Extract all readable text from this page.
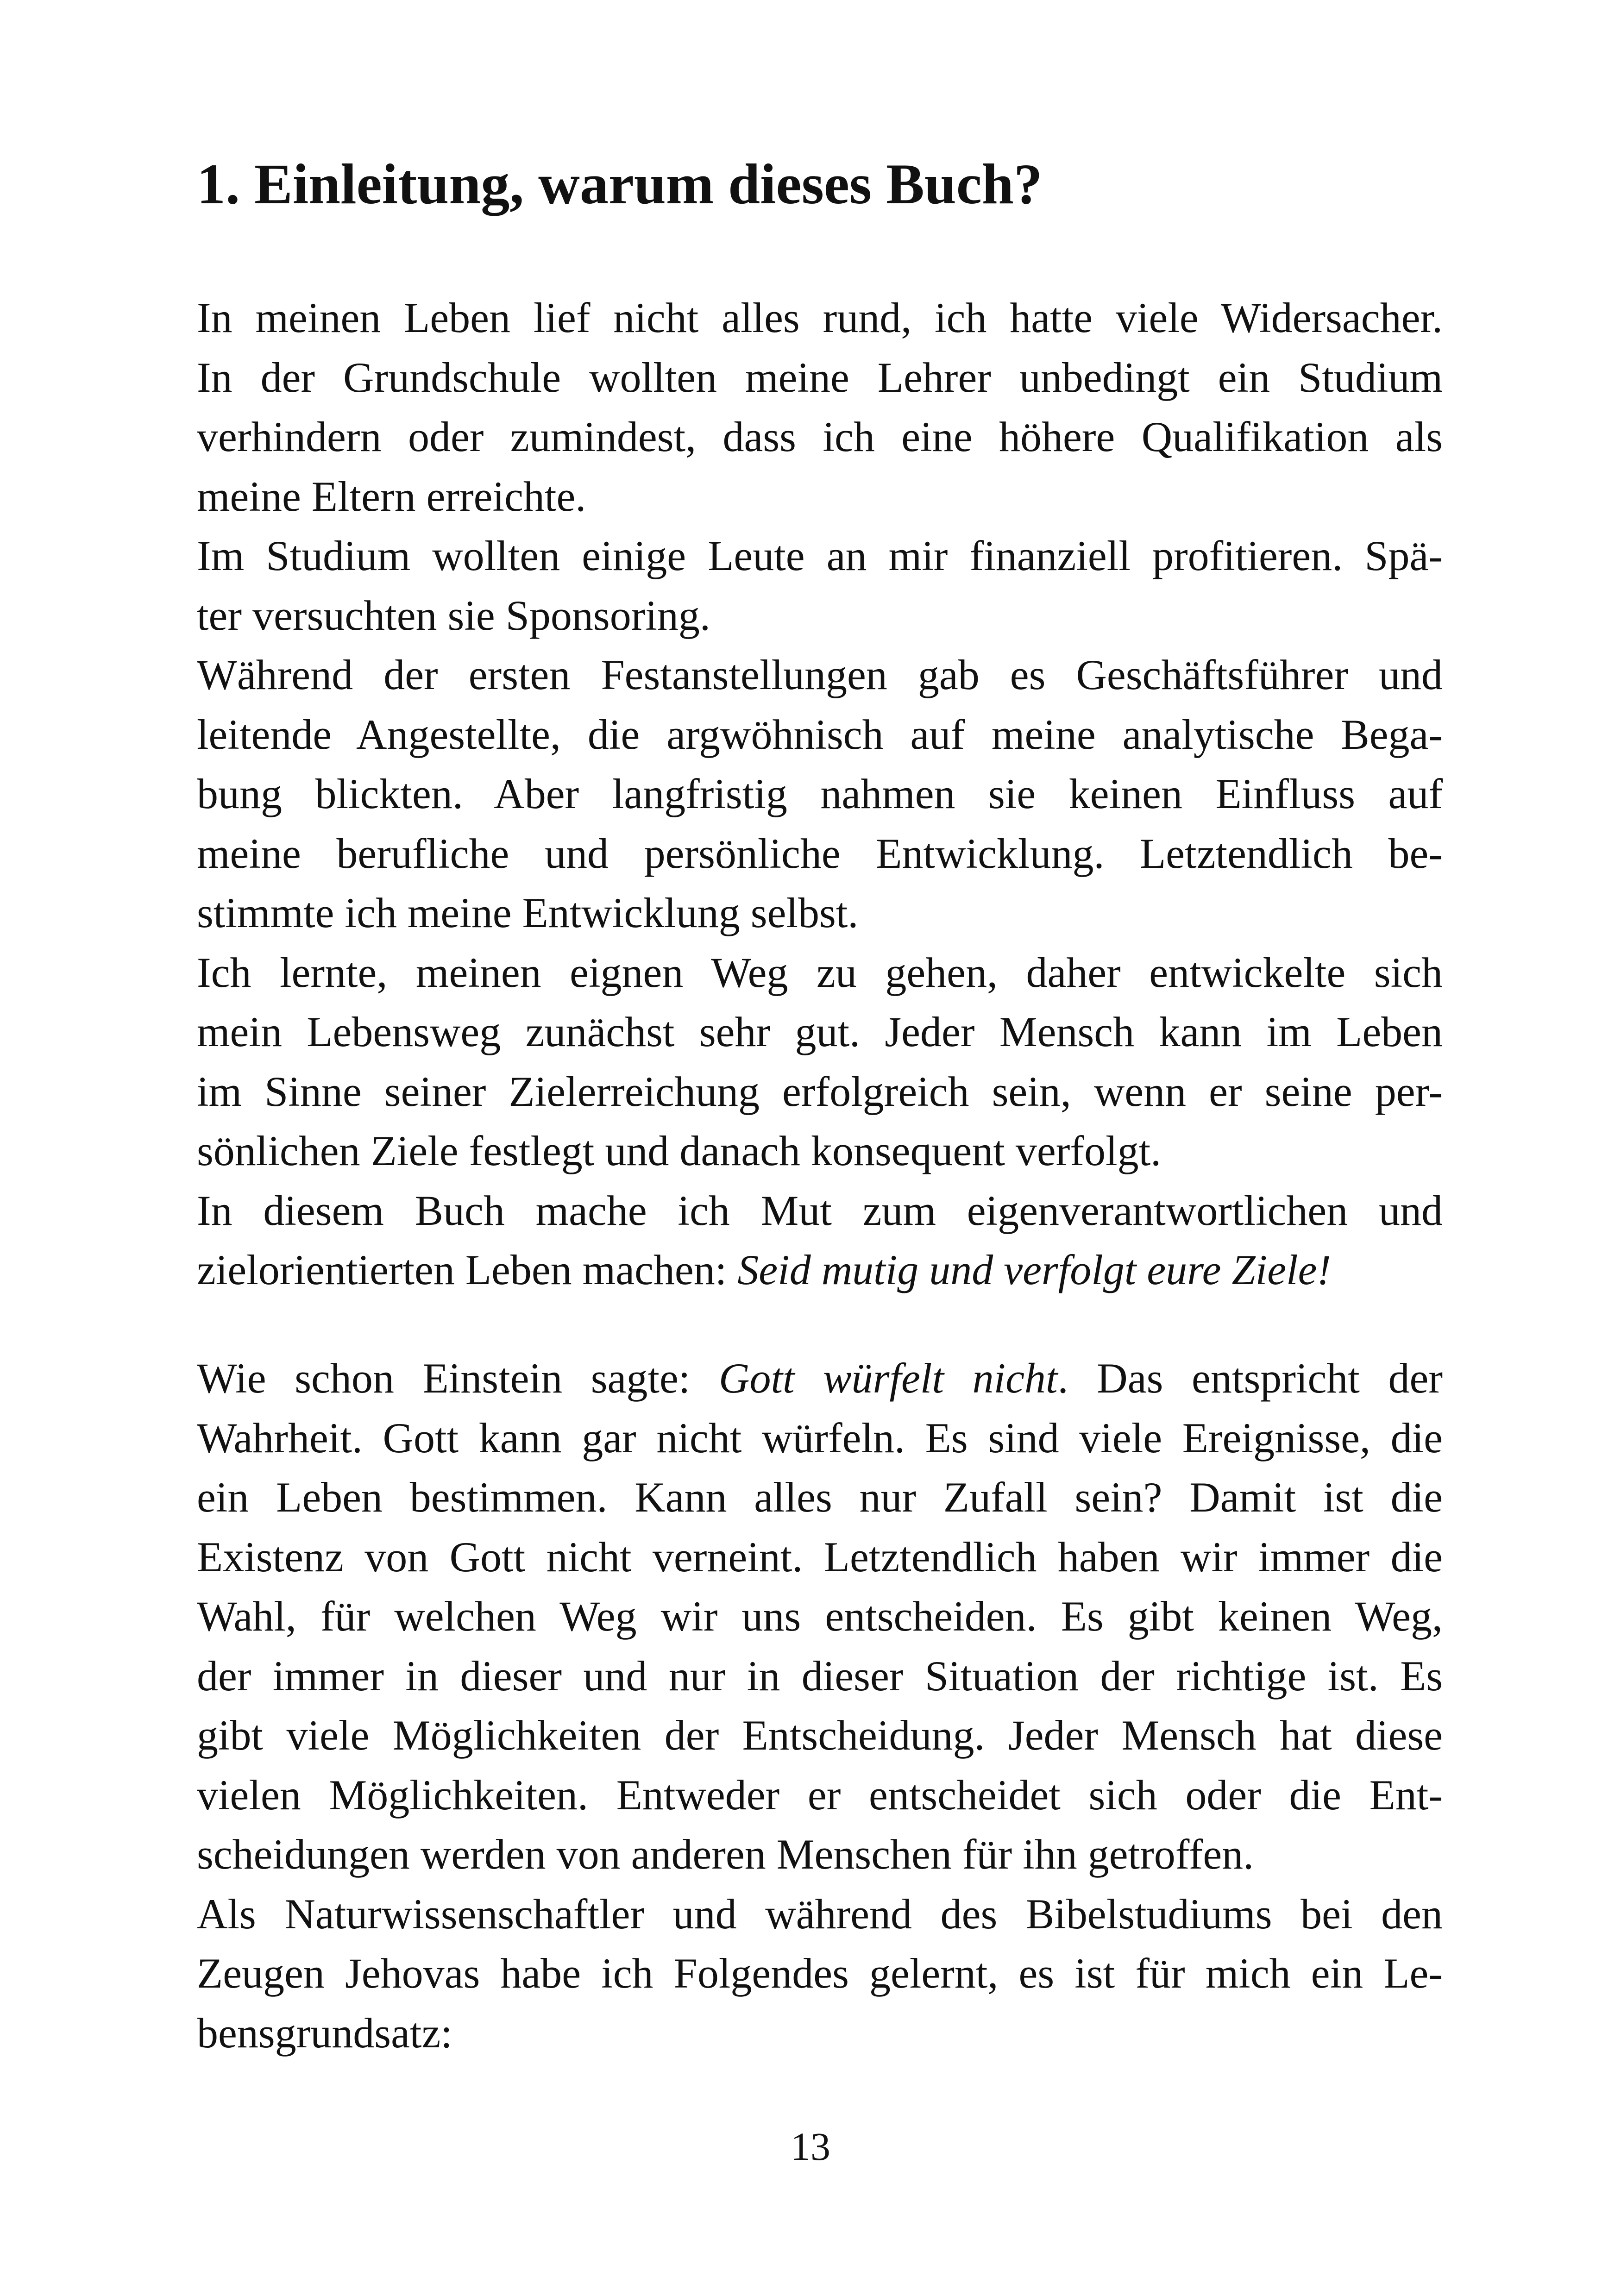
1. Einleitung, warum dieses Buch?
In meinen Leben lief nicht alles rund, ich hatte viele Widersacher.
In der Grundschule wollten meine Lehrer unbedingt ein Studium
verhindern oder zumindest, dass ich eine höhere Qualifikation als
meine Eltern erreichte.
Im Studium wollten einige Leute an mir finanziell profitieren. Spä-
ter versuchten sie Sponsoring.
Während der ersten Festanstellungen gab es Geschäftsführer und
leitende Angestellte, die argwöhnisch auf meine analytische Bega-
bung blickten. Aber langfristig nahmen sie keinen Einfluss auf
meine berufliche und persönliche Entwicklung. Letztendlich be-
stimmte ich meine Entwicklung selbst.
Ich lernte, meinen eignen Weg zu gehen, daher entwickelte sich
mein Lebensweg zunächst sehr gut. Jeder Mensch kann im Leben
im Sinne seiner Zielerreichung erfolgreich sein, wenn er seine per-
sönlichen Ziele festlegt und danach konsequent verfolgt.
In diesem Buch mache ich Mut zum eigenverantwortlichen und
zielorientierten Leben machen: Seid mutig und verfolgt eure Ziele!
Wie schon Einstein sagte: Gott würfelt nicht. Das entspricht der
Wahrheit. Gott kann gar nicht würfeln. Es sind viele Ereignisse, die
ein Leben bestimmen. Kann alles nur Zufall sein? Damit ist die
Existenz von Gott nicht verneint. Letztendlich haben wir immer die
Wahl, für welchen Weg wir uns entscheiden. Es gibt keinen Weg,
der immer in dieser und nur in dieser Situation der richtige ist. Es
gibt viele Möglichkeiten der Entscheidung. Jeder Mensch hat diese
vielen Möglichkeiten. Entweder er entscheidet sich oder die Ent-
scheidungen werden von anderen Menschen für ihn getroffen.
Als Naturwissenschaftler und während des Bibelstudiums bei den
Zeugen Jehovas habe ich Folgendes gelernt, es ist für mich ein Le-
bensgrundsatz:
13
